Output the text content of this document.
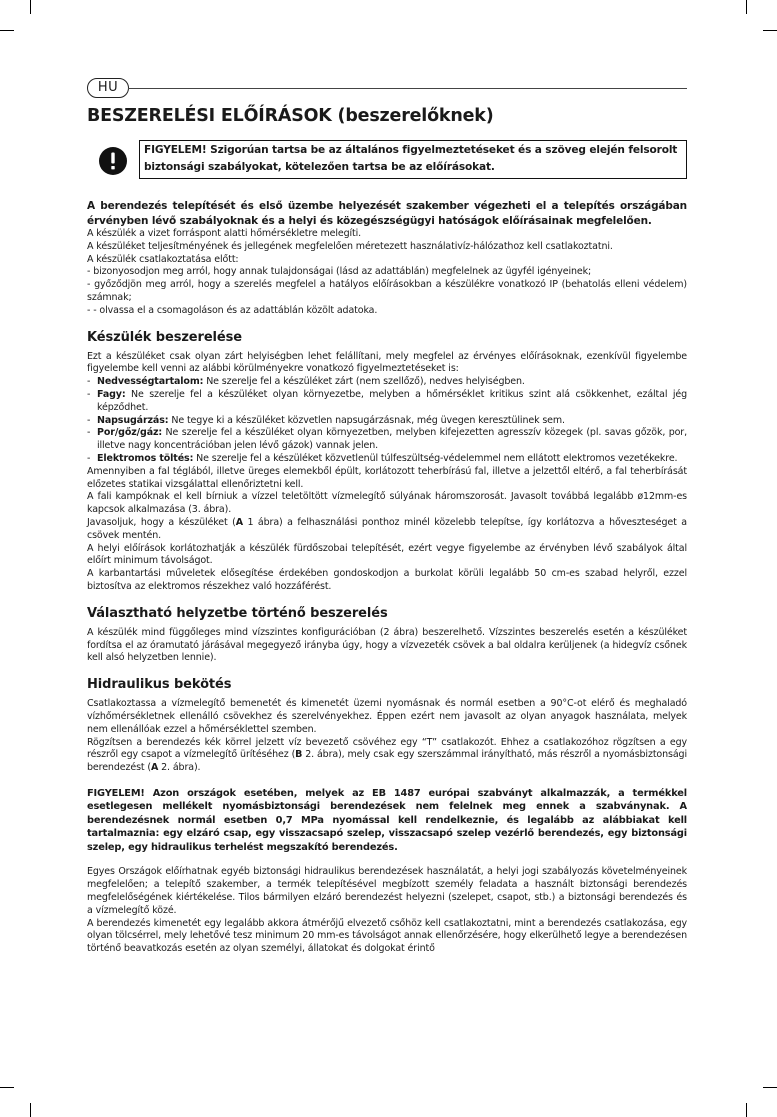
HU
BESZERELÉSI ELŐÍRÁSOK (beszerelőknek)
FIGYELEM! Szigorúan tartsa be az általános figyelmeztetéseket és a szöveg elején felsorolt biztonsági szabályokat, kötelezően tartsa be az előírásokat.

A berendezés telepítését és első üzembe helyezését szakember végezheti el a telepítés országában érvényben lévő szabályoknak és a helyi és közegészségügyi hatóságok előírásainak megfelelően.

A készülék a vizet forráspont alatti hőmérsékletre melegíti.

A készüléket teljesítményének és jellegének megfelelően méretezett használativíz-hálózathoz kell csatlakoztatni.

A készülék csatlakoztatása előtt:

- bizonyosodjon meg arról, hogy annak tulajdonságai (lásd az adattáblán) megfelelnek az ügyfél igényeinek;

- győződjön meg arról, hogy a szerelés megfelel a hatályos előírásokban a készülékre vonatkozó IP (behatolás elleni védelem) számnak;

- - olvassa el a csomagoláson és az adattáblán közölt adatoka.

Készülék beszerelése

Ezt a készüléket csak olyan zárt helyiségben lehet felállítani, mely megfelel az érvényes előírásoknak, ezenkívül figyelembe figyelembe kell venni az alábbi körülményekre vonatkozó figyelmeztetéseket is:

- Nedvességtartalom: Ne szerelje fel a készüléket zárt (nem szellőző), nedves helyiségben.
- Fagy: Ne szerelje fel a készüléket olyan környezetbe, melyben a hőmérséklet kritikus szint alá csökkenhet, ezáltal jég képződhet.
- Napsugárzás: Ne tegye ki a készüléket közvetlen napsugárzásnak, még üvegen keresztülinek sem.
- Por/gőz/gáz: Ne szerelje fel a készüléket olyan környezetben, melyben kifejezetten agresszív közegek (pl. savas gőzök, por, illetve nagy koncentrációban jelen lévő gázok) vannak jelen.
- Elektromos töltés: Ne szerelje fel a készüléket közvetlenül túlfeszültség-védelemmel nem ellátott elektromos vezetékekre.

Amennyiben a fal téglából, illetve üreges elemekből épült, korlátozott teherbírású fal, illetve a jelzettől eltérő, a fal teherbírását előzetes statikai vizsgálattal ellenőriztetni kell.

A fali kampóknak el kell bírniuk a vízzel teletöltött vízmelegítő súlyának háromszorosát. Javasolt továbbá legalább ø12mm-es kapcsok alkalmazása (3. ábra).

Javasoljuk, hogy a készüléket (A 1 ábra) a felhasználási ponthoz minél közelebb telepítse, így korlátozva a hőveszteséget a csövek mentén.

A helyi előírások korlátozhatják a készülék fürdőszobai telepítését, ezért vegye figyelembe az érvényben lévő szabályok által előírt minimum távolságot.

A karbantartási műveletek elősegítése érdekében gondoskodjon a burkolat körüli legalább 50 cm-es szabad helyről, ezzel biztosítva az elektromos részekhez való hozzáférést.

Választható helyzetbe történő beszerelés

A készülék mind függőleges mind vízszintes konfigurációban (2 ábra) beszerelhető. Vízszintes beszerelés esetén a készüléket fordítsa el az óramutató járásával megegyező irányba úgy, hogy a vízvezeték csövek a bal oldalra kerüljenek (a hidegvíz csőnek kell alsó helyzetben lennie).

Hidraulikus bekötés

Csatlakoztassa a vízmelegítő bemenetét és kimenetét üzemi nyomásnak és normál esetben a 90°C-ot elérő és meghaladó vízhőmérsékletnek ellenálló csövekhez és szerelvényekhez. Éppen ezért nem javasolt az olyan anyagok használata, melyek nem ellenállóak ezzel a hőmérséklettel szemben.

Rögzítsen a berendezés kék körrel jelzett víz bevezető csövéhez egy “T” csatlakozót. Ehhez a csatlakozóhoz rögzítsen a egy részről egy csapot a vízmelegítő ürítéséhez (B 2. ábra), mely csak egy szerszámmal irányítható, más részről a nyomásbiztonsági berendezést (A 2. ábra).

FIGYELEM! Azon országok esetében, melyek az EB 1487 európai szabványt alkalmazzák, a termékkel esetlegesen mellékelt nyomásbiztonsági berendezések nem felelnek meg ennek a szabványnak. A berendezésnek normál esetben 0,7 MPa nyomással kell rendelkeznie, és legalább az alábbiakat kell tartalmaznia: egy elzáró csap, egy visszacsapó szelep, visszacsapó szelep vezérlő berendezés, egy biztonsági szelep, egy hidraulikus terhelést megszakító berendezés.

Egyes Országok előírhatnak egyéb biztonsági hidraulikus berendezések használatát, a helyi jogi szabályozás követelményeinek megfelelően; a telepítő szakember, a termék telepítésével megbízott személy feladata a használt biztonsági berendezés megfelelőségének kiértékelése. Tilos bármilyen elzáró berendezést helyezni (szelepet, csapot, stb.) a biztonsági berendezés és a vízmelegítő közé.

A berendezés kimenetét egy legalább akkora átmérőjű elvezető csőhöz kell csatlakoztatni, mint a berendezés csatlakozása, egy olyan tölcsérrel, mely lehetővé tesz minimum 20 mm-es távolságot annak ellenőrzésére, hogy elkerülhető legye a berendezésen történő beavatkozás esetén az olyan személyi, állatokat és dolgokat érintő
